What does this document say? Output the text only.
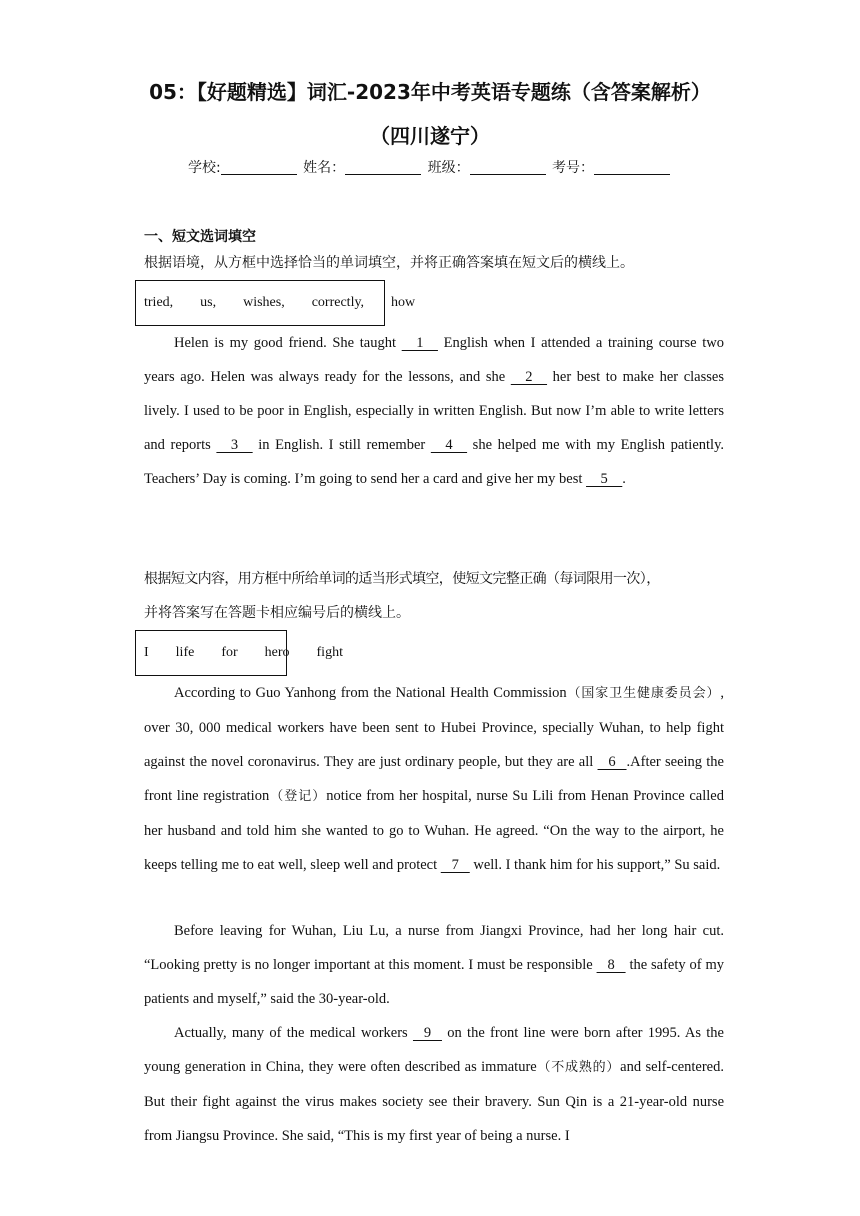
05：【好题精选】词汇-2023年中考英语专题练（含答案解析）
（四川遂宁）
学校:	姓名：	班级：	考号：
一、短文选词填空
根据语境，从方框中选择恰当的单词填空，并将正确答案填在短文后的横线上。
tried,  us,  wishes,  correctly,  how
Helen is my good friend. She taught     1     English when I attended a training course two years ago. Helen was always ready for the lessons, and she     2     her best to make her classes lively. I used to be poor in English, especially in written English. But now I’m able to write letters and reports     3     in English. I still remember     4     she helped me with my English patiently. Teachers’ Day is coming. I’m going to send her a card and give her my best     5    .
根据短文内容，用方框中所给单词的适当形式填空，使短文完整正确（每词限用一次），
并将答案写在答题卡相应编号后的横线上。
I  life  for  hero  fight
According to Guo Yanhong from the National Health Commission（国家卫生健康委员会）, over 30, 000 medical workers have been sent to Hubei Province, specially Wuhan, to help fight against the novel coronavirus. They are just ordinary people, but they are all    6   .After seeing the front line registration（登记）notice from her hospital, nurse Su Lili from Henan Province called her husband and told him she wanted to go to Wuhan. He agreed. “On the way to the airport, he keeps telling me to eat well, sleep well and protect    7    well. I thank him for his support,” Su said.
Before leaving for Wuhan, Liu Lu, a nurse from Jiangxi Province, had her long hair cut. “Looking pretty is no longer important at this moment. I must be responsible    8    the safety of my patients and myself,” said the 30-year-old.
Actually, many of the medical workers    9    on the front line were born after 1995. As the young generation in China, they were often described as immature（不成熟的）and self-centered. But their fight against the virus makes society see their bravery. Sun Qin is a 21-year-old nurse from Jiangsu Province. She said, “This is my first year of being a nurse. I
